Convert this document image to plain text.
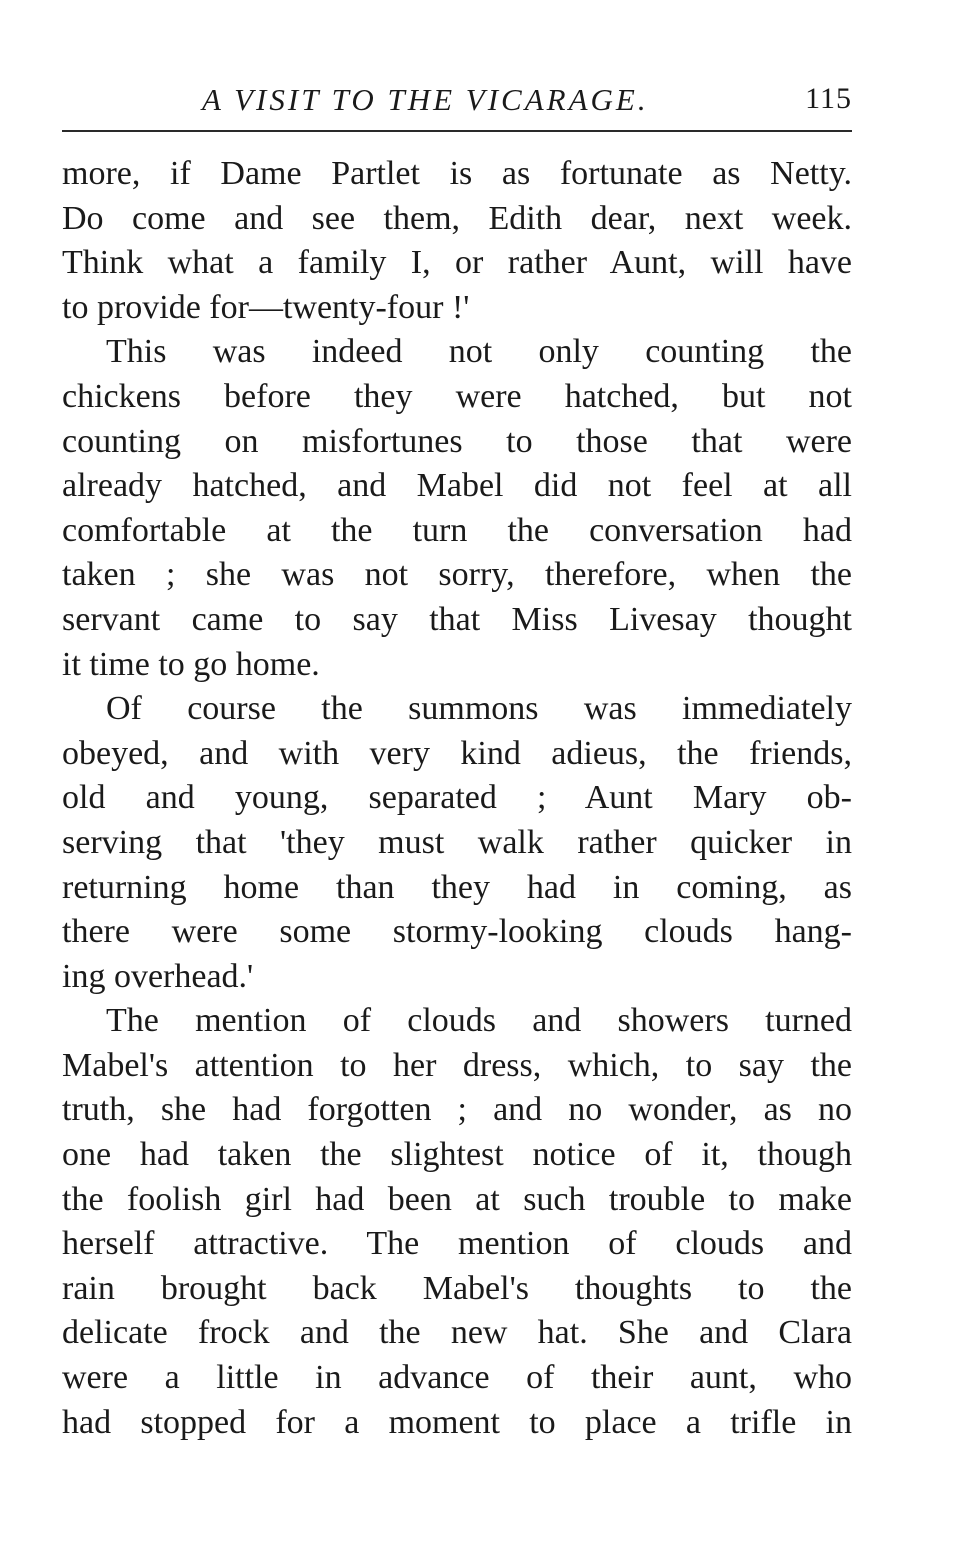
A VISIT TO THE VICARAGE.	115
more, if Dame Partlet is as fortunate as Netty.
Do come and see them, Edith dear, next week.
Think what a family I, or rather Aunt, will have
to provide for—twenty-four !'
This was indeed not only counting the
chickens before they were hatched, but not
counting on misfortunes to those that were
already hatched, and Mabel did not feel at all
comfortable at the turn the conversation had
taken ; she was not sorry, therefore, when the
servant came to say that Miss Livesay thought
it time to go home.
Of course the summons was immediately
obeyed, and with very kind adieus, the friends,
old and young, separated ; Aunt Mary ob-
serving that 'they must walk rather quicker in
returning home than they had in coming, as
there were some stormy-looking clouds hang-
ing overhead.'
The mention of clouds and showers turned
Mabel's attention to her dress, which, to say the
truth, she had forgotten ; and no wonder, as no
one had taken the slightest notice of it, though
the foolish girl had been at such trouble to make
herself attractive. The mention of clouds and
rain brought back Mabel's thoughts to the
delicate frock and the new hat. She and Clara
were a little in advance of their aunt, who
had stopped for a moment to place a trifle in
